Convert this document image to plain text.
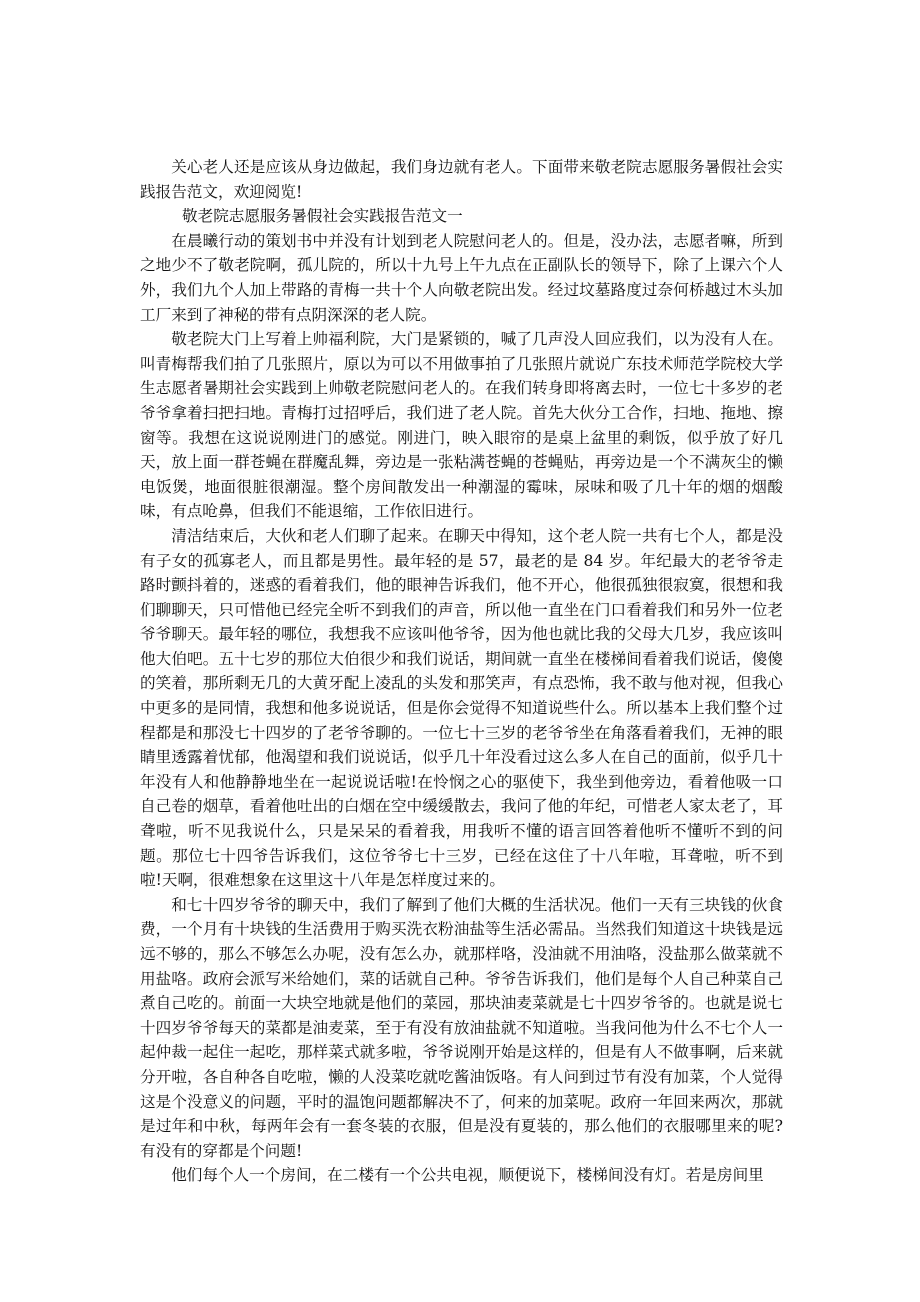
关心老人还是应该从身边做起，我们身边就有老人。下面带来敬老院志愿服务暑假社会实践报告范文，欢迎阅览!

敬老院志愿服务暑假社会实践报告范文一

在晨曦行动的策划书中并没有计划到老人院慰问老人的。但是，没办法，志愿者嘛，所到之地少不了敬老院啊，孤儿院的，所以十九号上午九点在正副队长的领导下，除了上课六个人外，我们九个人加上带路的青梅一共十个人向敬老院出发。经过坟墓路度过奈何桥越过木头加工厂来到了神秘的带有点阴深深的老人院。

敬老院大门上写着上帅福利院，大门是紧锁的，喊了几声没人回应我们，以为没有人在。叫青梅帮我们拍了几张照片，原以为可以不用做事拍了几张照片就说广东技术师范学院校大学生志愿者暑期社会实践到上帅敬老院慰问老人的。在我们转身即将离去时，一位七十多岁的老爷爷拿着扫把扫地。青梅打过招呼后，我们进了老人院。首先大伙分工合作，扫地、拖地、擦窗等。我想在这说说刚进门的感觉。刚进门，映入眼帘的是桌上盆里的剩饭，似乎放了好几天，放上面一群苍蝇在群魔乱舞，旁边是一张粘满苍蝇的苍蝇贴，再旁边是一个不满灰尘的懒电饭煲，地面很脏很潮湿。整个房间散发出一种潮湿的霉味，尿味和吸了几十年的烟的烟酸味，有点呛鼻，但我们不能退缩，工作依旧进行。

清洁结束后，大伙和老人们聊了起来。在聊天中得知，这个老人院一共有七个人，都是没有子女的孤寡老人，而且都是男性。最年轻的是 57，最老的是 84 岁。年纪最大的老爷爷走路时颤抖着的，迷惑的看着我们，他的眼神告诉我们，他不开心，他很孤独很寂寞，很想和我们聊聊天，只可惜他已经完全听不到我们的声音，所以他一直坐在门口看着我们和另外一位老爷爷聊天。最年轻的哪位，我想我不应该叫他爷爷，因为他也就比我的父母大几岁，我应该叫他大伯吧。五十七岁的那位大伯很少和我们说话，期间就一直坐在楼梯间看着我们说话，傻傻的笑着，那所剩无几的大黄牙配上凌乱的头发和那笑声，有点恐怖，我不敢与他对视，但我心中更多的是同情，我想和他多说说话，但是你会觉得不知道说些什么。所以基本上我们整个过程都是和那没七十四岁的了老爷爷聊的。一位七十三岁的老爷爷坐在角落看着我们，无神的眼睛里透露着忧郁，他渴望和我们说说话，似乎几十年没看过这么多人在自己的面前，似乎几十年没有人和他静静地坐在一起说说话啦!在怜悯之心的驱使下，我坐到他旁边，看着他吸一口自己卷的烟草，看着他吐出的白烟在空中缓缓散去，我问了他的年纪，可惜老人家太老了，耳聋啦，听不见我说什么，只是呆呆的看着我，用我听不懂的语言回答着他听不懂听不到的问题。那位七十四爷告诉我们，这位爷爷七十三岁，已经在这住了十八年啦，耳聋啦，听不到啦!天啊，很难想象在这里这十八年是怎样度过来的。

和七十四岁爷爷的聊天中，我们了解到了他们大概的生活状况。他们一天有三块钱的伙食费，一个月有十块钱的生活费用于购买洗衣粉油盐等生活必需品。当然我们知道这十块钱是远远不够的，那么不够怎么办呢，没有怎么办，就那样咯，没油就不用油咯，没盐那么做菜就不用盐咯。政府会派写米给她们，菜的话就自己种。爷爷告诉我们，他们是每个人自己种菜自己煮自己吃的。前面一大块空地就是他们的菜园，那块油麦菜就是七十四岁爷爷的。也就是说七十四岁爷爷每天的菜都是油麦菜，至于有没有放油盐就不知道啦。当我问他为什么不七个人一起仲裁一起住一起吃，那样菜式就多啦，爷爷说刚开始是这样的，但是有人不做事啊，后来就分开啦，各自种各自吃啦，懒的人没菜吃就吃酱油饭咯。有人问到过节有没有加菜，个人觉得这是个没意义的问题，平时的温饱问题都解决不了，何来的加菜呢。政府一年回来两次，那就是过年和中秋，每两年会有一套冬装的衣服，但是没有夏装的，那么他们的衣服哪里来的呢?有没有的穿都是个问题!

他们每个人一个房间，在二楼有一个公共电视，顺便说下，楼梯间没有灯。若是房间里
